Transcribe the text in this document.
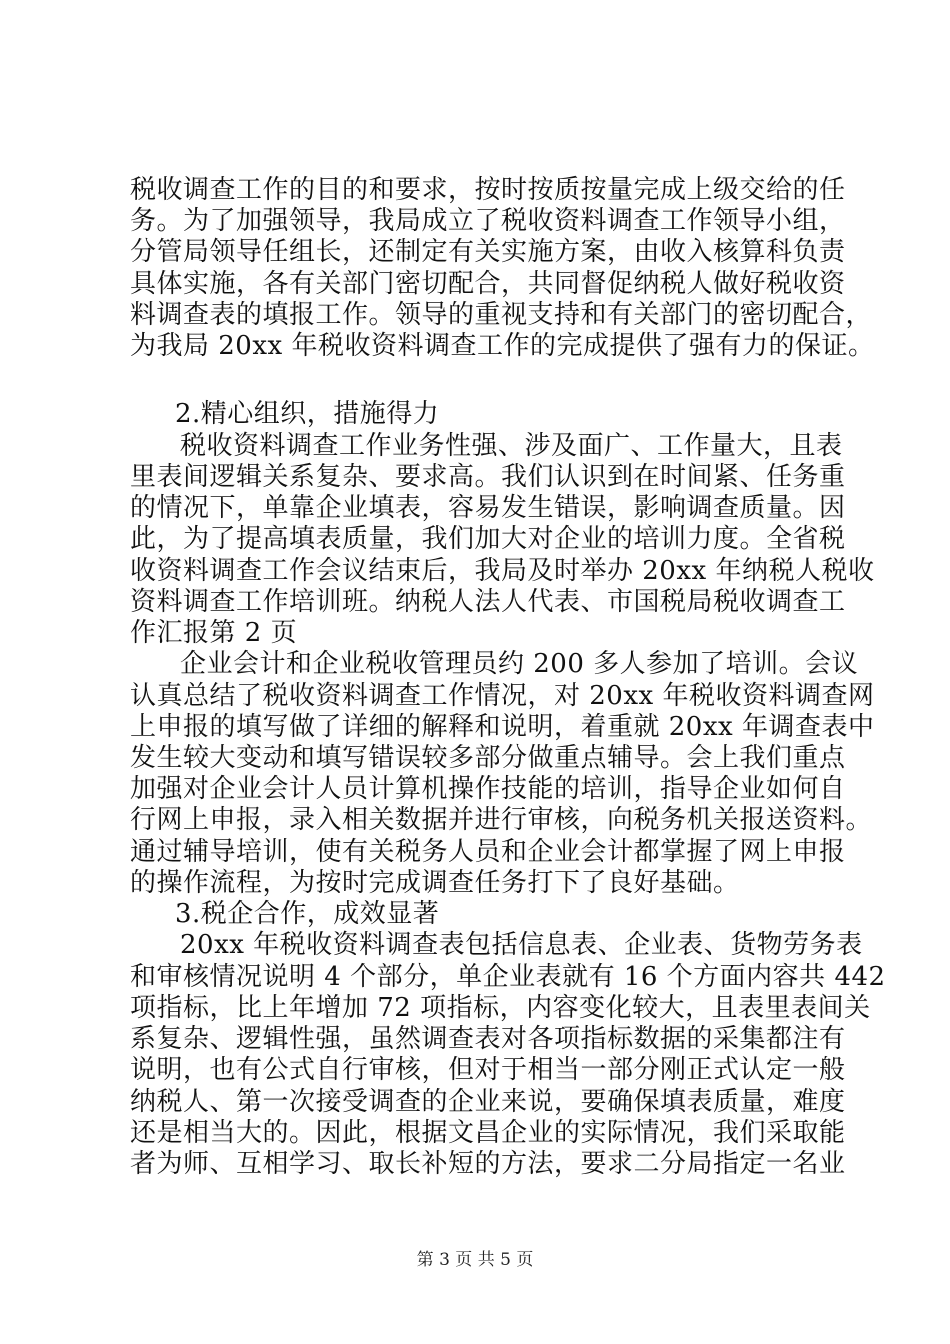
税收调查工作的目的和要求，按时按质按量完成上级交给的任
务。为了加强领导，我局成立了税收资料调查工作领导小组，
分管局领导任组长，还制定有关实施方案，由收入核算科负责
具体实施，各有关部门密切配合，共同督促纳税人做好税收资
料调查表的填报工作。领导的重视支持和有关部门的密切配合，
为我局 20xx 年税收资料调查工作的完成提供了强有力的保证。
2.精心组织，措施得力
税收资料调查工作业务性强、涉及面广、工作量大，且表
里表间逻辑关系复杂、要求高。我们认识到在时间紧、任务重
的情况下，单靠企业填表，容易发生错误，影响调查质量。因
此，为了提高填表质量，我们加大对企业的培训力度。全省税
收资料调查工作会议结束后，我局及时举办 20xx 年纳税人税收
资料调查工作培训班。纳税人法人代表、市国税局税收调查工
作汇报第 2 页
企业会计和企业税收管理员约 200 多人参加了培训。会议
认真总结了税收资料调查工作情况，对 20xx 年税收资料调查网
上申报的填写做了详细的解释和说明，着重就 20xx 年调查表中
发生较大变动和填写错误较多部分做重点辅导。会上我们重点
加强对企业会计人员计算机操作技能的培训，指导企业如何自
行网上申报，录入相关数据并进行审核，向税务机关报送资料。
通过辅导培训，使有关税务人员和企业会计都掌握了网上申报
的操作流程，为按时完成调查任务打下了良好基础。
3.税企合作，成效显著
20xx 年税收资料调查表包括信息表、企业表、货物劳务表
和审核情况说明 4 个部分，单企业表就有 16 个方面内容共 442
项指标，比上年增加 72 项指标，内容变化较大，且表里表间关
系复杂、逻辑性强，虽然调查表对各项指标数据的采集都注有
说明，也有公式自行审核，但对于相当一部分刚正式认定一般
纳税人、第一次接受调查的企业来说，要确保填表质量，难度
还是相当大的。因此，根据文昌企业的实际情况，我们采取能
者为师、互相学习、取长补短的方法，要求二分局指定一名业
第 3 页 共 5 页
